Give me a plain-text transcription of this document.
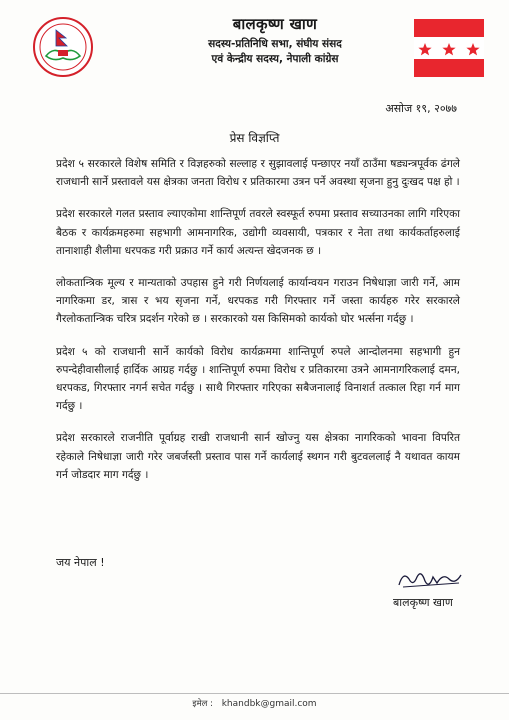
बालकृष्ण खाण
सदस्य-प्रतिनिधि सभा, संघीय संसद
एवं केन्द्रीय सदस्य, नेपाली कांग्रेस
असोज १९, २०७७
प्रेस विज्ञप्ति

प्रदेश ५ सरकारले विशेष समिति र विज्ञहरुको सल्लाह र सुझावलाई पन्छाएर नयाँ ठाउँमा षड्यन्त्रपूर्वक ढंगले राजधानी सार्ने प्रस्तावले यस क्षेत्रका जनता विरोध र प्रतिकारमा उत्रन पर्ने अवस्था सृजना हुनु दुःखद पक्ष हो ।

प्रदेश सरकारले गलत प्रस्ताव ल्याएकोमा शान्तिपूर्ण तवरले स्वस्फूर्त रुपमा प्रस्ताव सच्याउनका लागि गरिएका बैठक र कार्यक्रमहरुमा सहभागी आमनागरिक, उद्योगी व्यवसायी, पत्रकार र नेता तथा कार्यकर्ताहरुलाई तानाशाही शैलीमा धरपकड गरी प्रक्राउ गर्ने कार्य अत्यन्त खेदजनक छ ।

लोकतान्त्रिक मूल्य र मान्यताको उपहास हुने गरी निर्णयलाई कार्यान्वयन गराउन निषेधाज्ञा जारी गर्ने, आम नागरिकमा डर, त्रास र भय सृजना गर्ने, धरपकड गरी गिरफ्तार गर्ने जस्ता कार्यहरु गरेर सरकारले गैरलोकतान्त्रिक चरित्र प्रदर्शन गरेको छ । सरकारको यस किसिमको कार्यको घोर भर्त्सना गर्दछु ।

प्रदेश ५ को राजधानी सार्ने कार्यको विरोध कार्यक्रममा शान्तिपूर्ण रुपले आन्दोलनमा सहभागी हुन रुपन्देहीवासीलाई हार्दिक आग्रह गर्दछु । शान्तिपूर्ण रुपमा विरोध र प्रतिकारमा उत्रने आमनागरिकलाई दमन, धरपकड, गिरफ्तार नगर्न सचेत गर्दछु । साथै गिरफ्तार गरिएका सबैजनालाई विनाशर्त तत्काल रिहा गर्न माग गर्दछु ।

प्रदेश सरकारले राजनीति पूर्वाग्रह राखी राजधानी सार्न खोज्नु यस क्षेत्रका नागरिकको भावना विपरित रहेकाले निषेधाज्ञा जारी गरेर जबर्जस्ती प्रस्ताव पास गर्ने कार्यलाई स्थगन गरी बुटवललाई नै यथावत कायम गर्न जोडदार माग गर्दछु ।

जय नेपाल !
बालकृष्ण खाण
इमेल : khandbk@gmail.com
